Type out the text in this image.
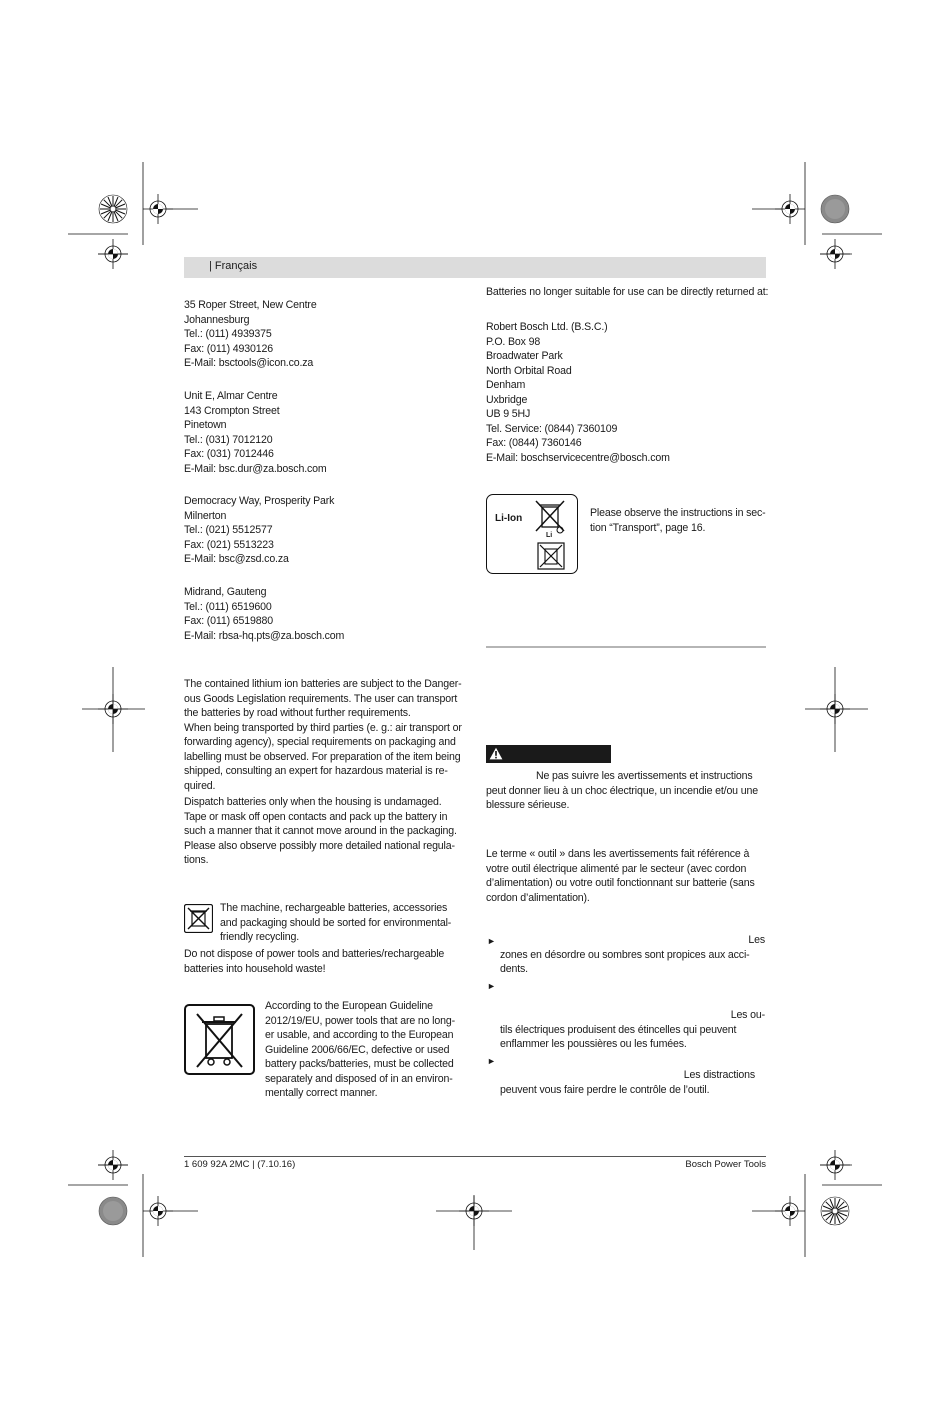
| Français

35 Roper Street, New Centre

Johannesburg

Tel.: (011) 4939375

Fax: (011) 4930126

E-Mail: bsctools@icon.co.za

Unit E, Almar Centre

143 Crompton Street

Pinetown

Tel.: (031) 7012120

Fax: (031) 7012446

E-Mail: bsc.dur@za.bosch.com

Democracy Way, Prosperity Park

Milnerton

Tel.: (021) 5512577

Fax: (021) 5513223

E-Mail: bsc@zsd.co.za

Midrand, Gauteng

Tel.: (011) 6519600

Fax: (011) 6519880

E-Mail: rbsa-hq.pts@za.bosch.com

The contained lithium ion batteries are subject to the Danger-

ous Goods Legislation requirements. The user can transport

the batteries by road without further requirements.

When being transported by third parties (e. g.: air transport or

forwarding agency), special requirements on packaging and

labelling must be observed. For preparation of the item being

shipped, consulting an expert for hazardous material is re-

quired.

Dispatch batteries only when the housing is undamaged.

Tape or mask off open contacts and pack up the battery in

such a manner that it cannot move around in the packaging.

Please also observe possibly more detailed national regula-

tions.

The machine, rechargeable batteries, accessories

and packaging should be sorted for environmental-

friendly recycling.

Do not dispose of power tools and batteries/rechargeable

batteries into household waste!

According to the European Guideline

2012/19/EU, power tools that are no long-

er usable, and according to the European

Guideline 2006/66/EC, defective or used

battery packs/batteries, must be collected

separately and disposed of in an environ-

mentally correct manner.

Batteries no longer suitable for use can be directly returned at:

Robert Bosch Ltd. (B.S.C.)

P.O. Box 98

Broadwater Park

North Orbital Road

Denham

Uxbridge

UB 9 5HJ

Tel. Service: (0844) 7360109

Fax: (0844) 7360146

E-Mail: boschservicecentre@bosch.com

Li-Ion
Li

Please observe the instructions in sec-

tion “Transport”, page 16.

Ne pas suivre les avertissements et instructions

peut donner lieu à un choc électrique, un incendie et/ou une

blessure sérieuse.

Le terme « outil » dans les avertissements fait référence à

votre outil électrique alimenté par le secteur (avec cordon

d’alimentation) ou votre outil fonctionnant sur batterie (sans

cordon d’alimentation).

►	Les

zones en désordre ou sombres sont propices aux acci-

dents.

►

Les ou-

tils électriques produisent des étincelles qui peuvent

enflammer les poussières ou les fumées.

►

Les distractions

peuvent vous faire perdre le contrôle de l’outil.

1 609 92A 2MC | (7.10.16)	Bosch Power Tools
